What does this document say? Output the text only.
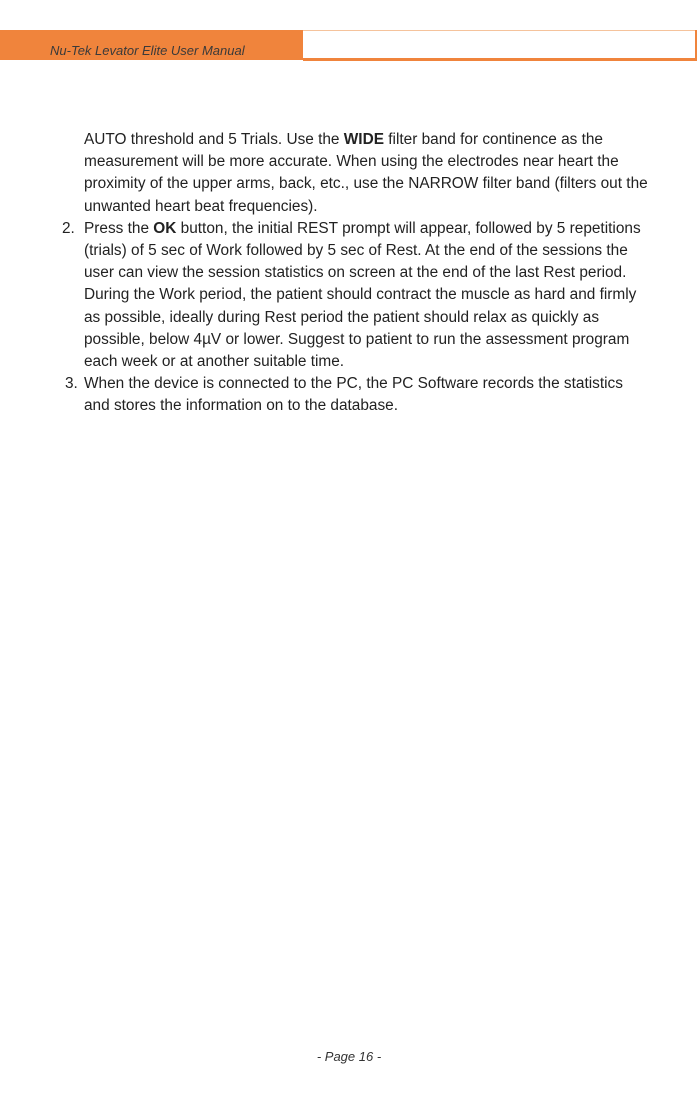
Nu-Tek Levator Elite User Manual

AUTO threshold and 5 Trials. Use the WIDE filter band for continence as the measurement will be more accurate. When using the electrodes near heart the proximity of the upper arms, back, etc., use the NARROW filter band (filters out the unwanted heart beat frequencies).

2. Press the OK button, the initial REST prompt will appear, followed by 5 repetitions (trials) of 5 sec of Work followed by 5 sec of Rest. At the end of the sessions the user can view the session statistics on screen at the end of the last Rest period. During the Work period, the patient should contract the muscle as hard and firmly as possible, ideally during Rest period the patient should relax as quickly as possible, below 4µV or lower. Suggest to patient to run the assessment program each week or at another suitable time.

3. When the device is connected to the PC, the PC Software records the statistics and stores the information on to the database.

- Page 16 -
